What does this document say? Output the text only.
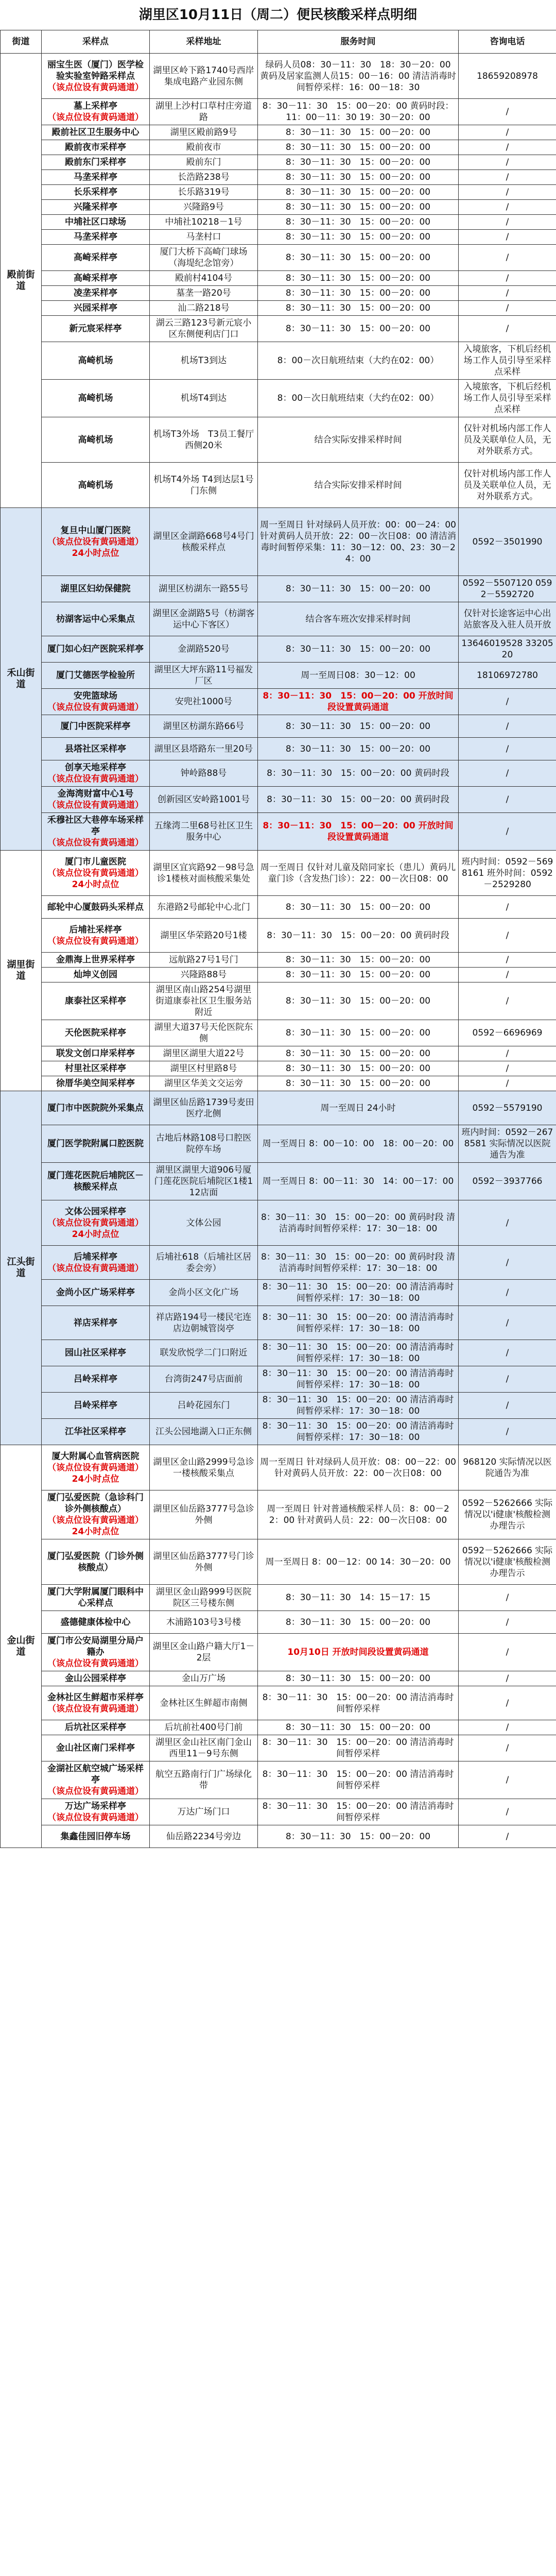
湖里区10月11日（周二）便民核酸采样点明细
街道	采样点	采样地址	服务时间	咨询电话
殿前街道	丽宝生医（厦门）医学检验实验室钟路采样点
（该点位设有黄码通道）	湖里区岭下路1740号西岸集成电路产业园东侧	绿码人员08：30－11：30　18：30－20：00 黄码及居家监测人员15：00－16：00 清洁消毒时间暂停采样：16：00－18：30	18659208978

	墓上采样亭
（该点位设有黄码通道）	湖里上沙村口草村庄旁道路	8：30－11：30　15：00－20：00 黄码时段： 11：00－11：30 19：30－20：00	/

	殿前社区卫生服务中心	湖里区殿前路9号	8：30－11：30　15：00－20：00	/

	殿前夜市采样亭	殿前夜市	8：30－11：30　15：00－20：00	/

	殿前东门采样亭	殿前东门	8：30－11：30　15：00－20：00	/

	马垄采样亭	长浩路238号	8：30－11：30　15：00－20：00	/

	长乐采样亭	长乐路319号	8：30－11：30　15：00－20：00	/

	兴隆采样亭	兴隆路9号	8：30－11：30　15：00－20：00	/

	中埔社区口球场	中埔社10218－1号	8：30－11：30　15：00－20：00	/

	马垄采样亭	马垄村口	8：30－11：30　15：00－20：00	/

	高崎采样亭	厦门大桥下高崎门球场（海堤纪念馆旁）	8：30－11：30　15：00－20：00	/

	高崎采样亭	殿前村4104号	8：30－11：30　15：00－20：00	/

	凌垄采样亭	墓垄一路20号	8：30－11：30　15：00－20：00	/

	兴园采样亭	汕二路218号	8：30－11：30　15：00－20：00	/

	新元宸采样亭	湖云三路123号新元宸小区东侧便利店门口	8：30－11：30　15：00－20：00	/

	高崎机场	机场T3到达	8：00－次日航班结束（大约在02：00）	入境旅客，下机后经机场工作人员引导至采样点采样

	高崎机场	机场T4到达	8：00－次日航班结束（大约在02：00）	入境旅客，下机后经机场工作人员引导至采样点采样

	高崎机场	机场T3外场　T3员工餐厅西侧20米	结合实际安排采样时间	仅针对机场内部工作人员及关联单位人员，无对外联系方式。

	高崎机场	机场T4外场 T4到达层1号门东侧	结合实际安排采样时间	仅针对机场内部工作人员及关联单位人员，无对外联系方式。
禾山街道	复旦中山厦门医院
（该点位设有黄码通道） 24小时点位	湖里区金湖路668号4号门核酸采样点	周一至周日 针对绿码人员开放：00：00－24：00 针对黄码人员开放：22：00－次日08：00 清洁消毒时间暂停采集：11：30－12：00、23：30－24：00	0592－3501990

	湖里区妇幼保健院	湖里区枋湖东一路55号	8：30－11：30　15：00－20：00	0592－5507120 0592－5592720

	枋湖客运中心采集点	湖里区金湖路5号（枋湖客运中心下客区）	结合客车班次安排采样时间	仅针对长途客运中心出站旅客及入驻人员开放

	厦门如心妇产医院采样亭	金湖路520号	8：30－11：30　15：00－20：00	13646019528 3320520

	厦门艾德医学检验所	湖里区大坪东路11号福发厂区	周一至周日08：30－12：00	18106972780

	安兜篮球场
（该点位设有黄码通道）	安兜社1000号	8：30－11：30　15：00－20：00 开放时间段设置黄码通道	/

	厦门中医院采样亭	湖里区枋湖东路66号	8：30－11：30　15：00－20：00	/

	县塔社区采样亭	湖里区县塔路东一里20号	8：30－11：30　15：00－20：00	/

	创享天地采样亭
（该点位设有黄码通道）	钟岭路88号	8：30－11：30　15：00－20：00 黄码时段	/

	金海湾财富中心1号
（该点位设有黄码通道）	创新园区安岭路1001号	8：30－11：30　15：00－20：00 黄码时段	/

	禾穆社区大巷停车场采样亭
（该点位设有黄码通道）	五缘湾二里68号社区卫生服务中心	8：30－11：30　15：00－20：00 开放时间段设置黄码通道	/
湖里街道	厦门市儿童医院
（该点位设有黄码通道） 24小时点位	湖里区宜宾路92－98号急诊1楼核对面核酸采集处	周一至周日 仅针对儿童及陪同家长（患儿）黄码儿童门诊（含发热门诊）：22：00－次日08：00	班内时间：0592－5698161 班外时间：0592－2529280

	邮轮中心厦鼓码头采样点	东港路2号邮轮中心北门	8：30－11：30　15：00－20：00	/

	后埔社采样亭
（该点位设有黄码通道）	湖里区华荣路20号1楼	8：30－11：30　15：00－20：00 黄码时段	/

	金鼎海上世界采样亭	远航路27号1号门	8：30－11：30　15：00－20：00	/

	灿坤义创园	兴隆路88号	8：30－11：30　15：00－20：00	/

	康泰社区采样亭	湖里区南山路254号湖里街道康泰社区卫生服务站附近	8：30－11：30　15：00－20：00	/

	天伦医院采样亭	湖里大道37号天伦医院东侧	8：30－11：30　15：00－20：00	0592－6696969

	联发文创口岸采样亭	湖里区湖里大道22号	8：30－11：30　15：00－20：00	/

	村里社区采样亭	湖里区村里路8号	8：30－11：30　15：00－20：00	/

	徐厝华美空间采样亭	湖里区华美文交运旁	8：30－11：30　15：00－20：00	/
江头街道	厦门市中医院院外采集点	湖里区仙岳路1739号麦田医疗北侧	周一至周日 24小时	0592－5579190

	厦门医学院附属口腔医院	古地后林路108号口腔医院停车场	周一至周日 8：00－10：00　18：00－20：00	班内时间：0592－2678581 实际情况以医院通告为准

	厦门莲花医院后埔院区－核酸采样点	湖里区湖里大道906号厦门莲花医院后埔院区1楼112店面	周一至周日 8：00－11：30　14：00－17：00	0592－3937766

	文体公园采样亭
（该点位设有黄码通道） 24小时点位	文体公园	8：30－11：30　15：00－20：00 黄码时段 清洁消毒时间暂停采样：17：30－18：00	/

	后埔采样亭
（该点位设有黄码通道）	后埔社618（后埔社区居委会旁）	8：30－11：30　15：00－20：00 黄码时段 清洁消毒时间暂停采样：17：30－18：00	/

	金尚小区广场采样亭	金尚小区文化广场	8：30－11：30　15：00－20：00 清洁消毒时间暂停采样：17：30－18：00	/

	祥店采样亭	祥店路194号一楼民宅连店边朝城管岗亭	8：30－11：30　15：00－20：00 清洁消毒时间暂停采样：17：30－18：00	/

	园山社区采样亭	联发欣悦学二门口附近	8：30－11：30　15：00－20：00 清洁消毒时间暂停采样：17：30－18：00	/

	吕岭采样亭	台湾街247号店面前	8：30－11：30　15：00－20：00 清洁消毒时间暂停采样：17：30－18：00	/

	吕岭采样亭	吕岭花园东门	8：30－11：30　15：00－20：00 清洁消毒时间暂停采样：17：30－18：00	/

	江华社区采样亭	江头公园地湖入口正东侧	8：30－11：30　15：00－20：00 清洁消毒时间暂停采样：17：30－18：00	/
金山街道	厦大附属心血管病医院
（该点位设有黄码通道） 24小时点位	湖里区金山路2999号急诊一楼核酸采集点	周一至周日 针对绿码人员开放：08：00－22：00 针对黄码人员开放：22：00－次日08：00	968120 实际情况以医院通告为准

	厦门弘爱医院（急诊科门诊外侧核酸点）
（该点位设有黄码通道） 24小时点位	湖里区仙岳路3777号急诊外侧	周一至周日 针对普通核酸采样人员：8：00－22：00 针对黄码人员：22：00－次日08：00	0592－5262666 实际情况以'i健康'核酸检测办理告示

	厦门弘爱医院（门诊外侧核酸点）	湖里区仙岳路3777号门诊外侧	周一至周日 8：00－12：00 14：30－20：00	0592－5262666 实际情况以'i健康'核酸检测办理告示

	厦门大学附属厦门眼科中心采样点	湖里区金山路999号医院院区三号楼东侧	8：30－11：30　14：15－17：15	/

	盛德健康体检中心	木浦路103号3号楼	8：30－11：30　15：00－20：00	/

	厦门市公安局湖里分局户籍办
（该点位设有黄码通道）	湖里区金山路户籍大厅1－2层	10月10日 开放时间段设置黄码通道	/

	金山公园采样亭	金山万广场	8：30－11：30　15：00－20：00	/

	金林社区生鲜超市采样亭
（该点位设有黄码通道）	金林社区生鲜超市南侧	8：30－11：30　15：00－20：00 清洁消毒时间暂停采样	/

	后坑社区采样亭	后坑前社400号门前	8：30－11：30　15：00－20：00	/

	金山社区南门采样亭	湖里区金山社区南门金山西里11－9号东侧	8：30－11：30　15：00－20：00 清洁消毒时间暂停采样	/

	金湖社区航空城广场采样亭
（该点位设有黄码通道）	航空五路南行门广场绿化带	8：30－11：30　15：00－20：00 清洁消毒时间暂停采样	/

	万达广场采样亭
（该点位设有黄码通道）	万达广场门口	8：30－11：30　15：00－20：00 清洁消毒时间暂停采样	/

	集鑫佳园旧停车场	仙岳路2234号旁边	8：30－11：30　15：00－20：00	/
